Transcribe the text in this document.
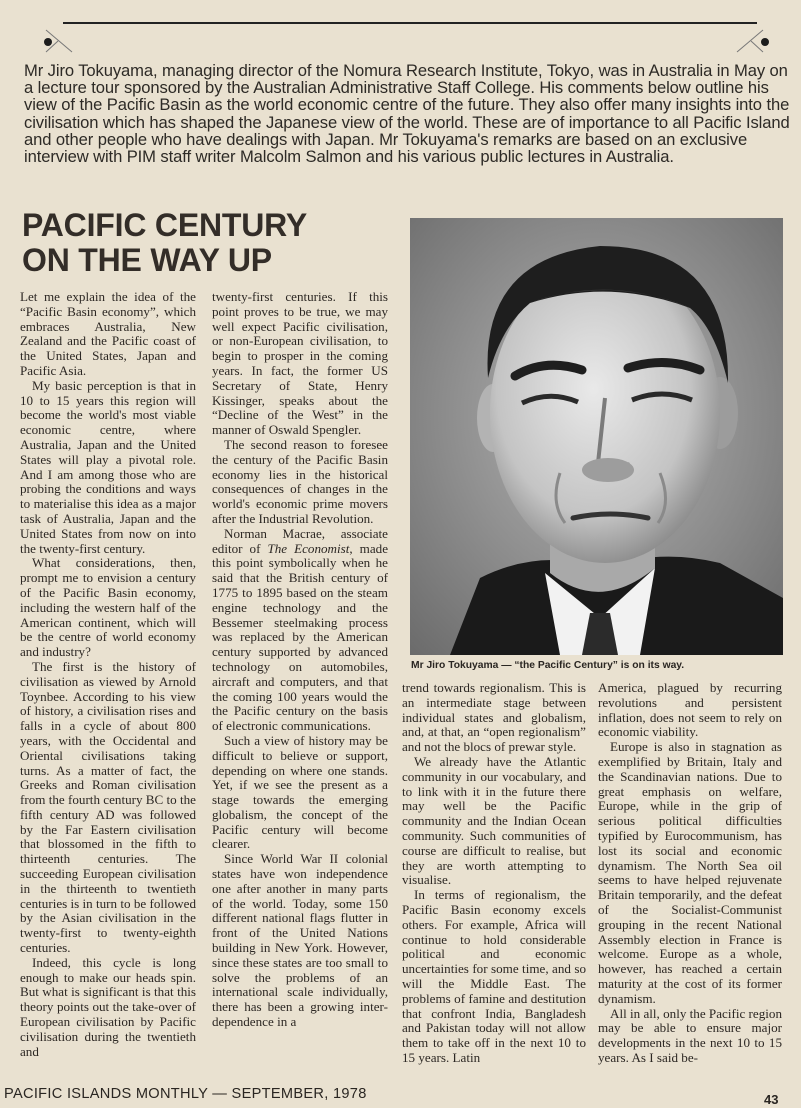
Mr Jiro Tokuyama, managing director of the Nomura Research Institute, Tokyo, was in Australia in May on a lecture tour sponsored by the Australian Administrative Staff College. His comments below outline his view of the Pacific Basin as the world economic centre of the future. They also offer many insights into the civilisation which has shaped the Japanese view of the world. These are of importance to all Pacific Island and other people who have dealings with Japan. Mr Tokuyama's remarks are based on an exclusive interview with PIM staff writer Malcolm Salmon and his various public lectures in Australia.

PACIFIC CENTURY
ON THE WAY UP

Let me explain the idea of the “Pacific Basin economy”, which embraces Australia, New Zealand and the Pacific coast of the United States, Japan and Pacific Asia.

My basic perception is that in 10 to 15 years this region will become the world's most viable economic centre, where Australia, Japan and the United States will play a pivotal role. And I am among those who are probing the conditions and ways to materialise this idea as a major task of Australia, Japan and the United States from now on into the twenty-first century.

What considerations, then, prompt me to envision a century of the Pacific Basin economy, including the western half of the American continent, which will be the centre of world economy and industry?

The first is the history of civilisation as viewed by Arnold Toynbee. According to his view of history, a civilisation rises and falls in a cycle of about 800 years, with the Occidental and Oriental civilisations taking turns. As a matter of fact, the Greeks and Roman civilisation from the fourth century BC to the fifth century AD was followed by the Far Eastern civilisation that blossomed in the fifth to thirteenth centuries. The succeeding European civilisation in the thirteenth to twentieth centuries is in turn to be followed by the Asian civilisation in the twenty-first to twenty-eighth centuries.

Indeed, this cycle is long enough to make our heads spin. But what is significant is that this theory points out the take-over of European civilisation by Pacific civilisation during the twentieth and

twenty-first centuries. If this point proves to be true, we may well expect Pacific civilisation, or non-European civilisation, to begin to prosper in the coming years. In fact, the former US Secretary of State, Henry Kissinger, speaks about the “Decline of the West” in the manner of Oswald Spengler.

The second reason to foresee the century of the Pacific Basin economy lies in the historical consequences of changes in the world's economic prime movers after the Industrial Revolution.

Norman Macrae, associate editor of The Economist, made this point symbolically when he said that the British century of 1775 to 1895 based on the steam engine technology and the Bessemer steelmaking process was replaced by the American century supported by advanced technology on automobiles, aircraft and computers, and that the coming 100 years would the the Pacific century on the basis of electronic communications.

Such a view of history may be difficult to believe or support, depending on where one stands. Yet, if we see the present as a stage towards the emerging globalism, the concept of the Pacific century will become clearer.

Since World War II colonial states have won independence one after another in many parts of the world. Today, some 150 different national flags flutter in front of the United Nations building in New York. However, since these states are too small to solve the problems of an international scale individually, there has been a growing inter-dependence in a

Mr Jiro Tokuyama — “the Pacific Century” is on its way.

trend towards regionalism. This is an intermediate stage between individual states and globalism, and, at that, an “open regionalism” and not the blocs of prewar style.

We already have the Atlantic community in our vocabulary, and to link with it in the future there may well be the Pacific community and the Indian Ocean community. Such communities of course are difficult to realise, but they are worth attempting to visualise.

In terms of regionalism, the Pacific Basin economy excels others. For example, Africa will continue to hold considerable political and economic uncertainties for some time, and so will the Middle East. The problems of famine and destitution that confront India, Bangladesh and Pakistan today will not allow them to take off in the next 10 to 15 years. Latin

America, plagued by recurring revolutions and persistent inflation, does not seem to rely on economic viability.

Europe is also in stagnation as exemplified by Britain, Italy and the Scandinavian nations. Due to great emphasis on welfare, Europe, while in the grip of serious political difficulties typified by Eurocommunism, has lost its social and economic dynamism. The North Sea oil seems to have helped rejuvenate Britain temporarily, and the defeat of the Socialist-Communist grouping in the recent National Assembly election in France is welcome. Europe as a whole, however, has reached a certain maturity at the cost of its former dynamism.

All in all, only the Pacific region may be able to ensure major developments in the next 10 to 15 years. As I said be-

PACIFIC ISLANDS MONTHLY — SEPTEMBER, 1978	43
